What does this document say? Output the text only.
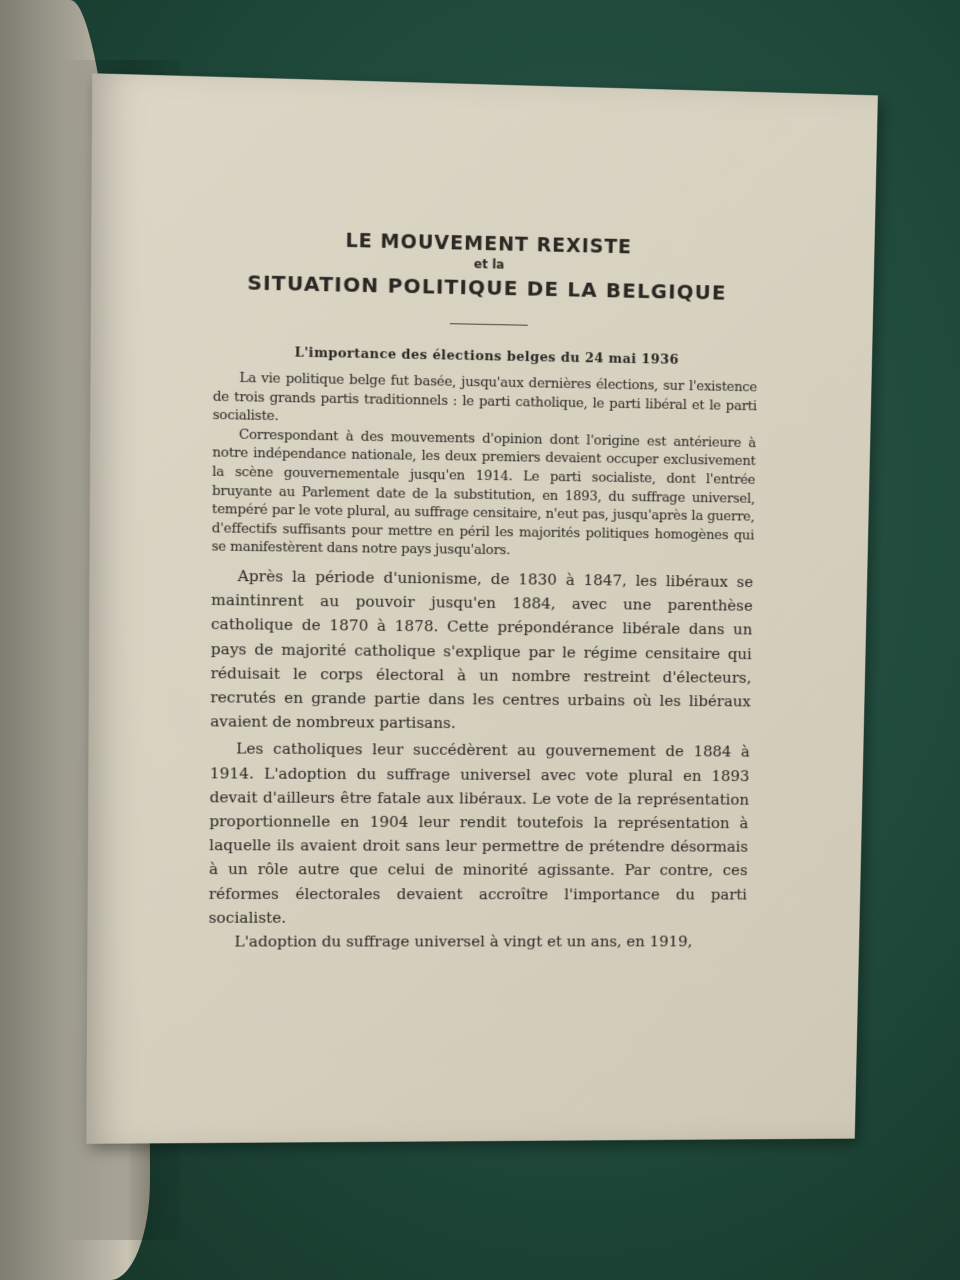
LE MOUVEMENT REXISTE
et la
SITUATION POLITIQUE DE LA BELGIQUE
L'importance des élections belges du 24 mai 1936

La vie politique belge fut basée, jusqu'aux dernières élections, sur l'existence de trois grands partis traditionnels : le parti catholique, le parti libéral et le parti socialiste.

Correspondant à des mouvements d'opinion dont l'origine est antérieure à notre indépendance nationale, les deux premiers devaient occuper exclusivement la scène gouvernementale jusqu'en 1914. Le parti socialiste, dont l'entrée bruyante au Parlement date de la substitution, en 1893, du suffrage universel, tempéré par le vote plural, au suffrage censitaire, n'eut pas, jusqu'après la guerre, d'effectifs suffisants pour mettre en péril les majorités politiques homogènes qui se manifestèrent dans notre pays jusqu'alors.

Après la période d'unionisme, de 1830 à 1847, les libéraux se maintinrent au pouvoir jusqu'en 1884, avec une parenthèse catholique de 1870 à 1878. Cette prépondérance libérale dans un pays de majorité catholique s'explique par le régime censitaire qui réduisait le corps électoral à un nombre restreint d'électeurs, recrutés en grande partie dans les centres urbains où les libéraux avaient de nombreux partisans.

Les catholiques leur succédèrent au gouvernement de 1884 à 1914. L'adoption du suffrage universel avec vote plural en 1893 devait d'ailleurs être fatale aux libéraux. Le vote de la représentation proportionnelle en 1904 leur rendit toutefois la représentation à laquelle ils avaient droit sans leur permettre de prétendre désormais à un rôle autre que celui de minorité agissante. Par contre, ces réformes électorales devaient accroître l'importance du parti socialiste.

L'adoption du suffrage universel à vingt et un ans, en 1919,
